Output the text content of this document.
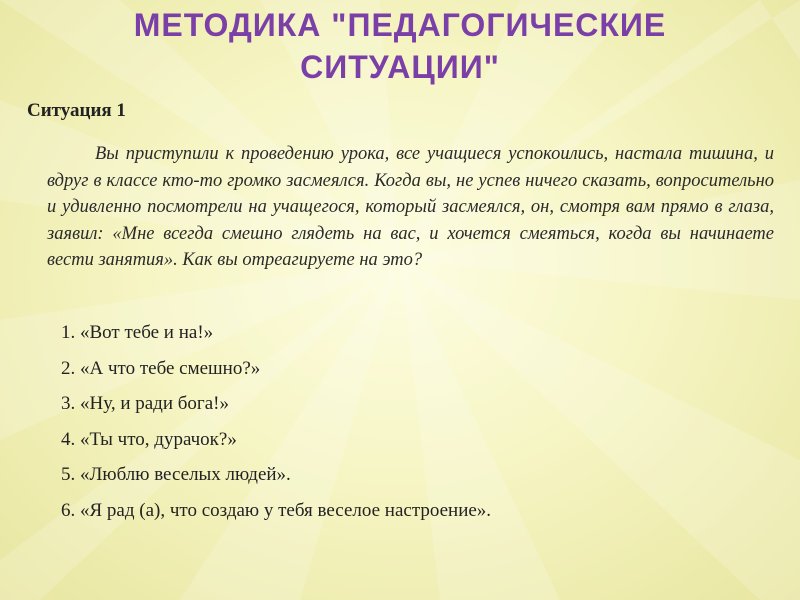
МЕТОДИКА "ПЕДАГОГИЧЕСКИЕ
СИТУАЦИИ"

Ситуация 1

Вы приступили к проведению урока, все учащиеся успокоились, настала тишина, и вдруг в классе кто-то громко засмеялся. Когда вы, не успев ничего сказать, вопросительно и удивленно посмотрели на учащегося, который засмеялся, он, смотря вам прямо в глаза, заявил: «Мне всегда смешно глядеть на вас, и хочется смеяться, когда вы начинаете вести занятия». Как вы отреагируете на это?

1. «Вот тебе и на!»
2. «А что тебе смешно?»
3. «Ну, и ради бога!»
4. «Ты что, дурачок?»
5. «Люблю веселых людей».
6. «Я рад (а), что создаю у тебя веселое настроение».
